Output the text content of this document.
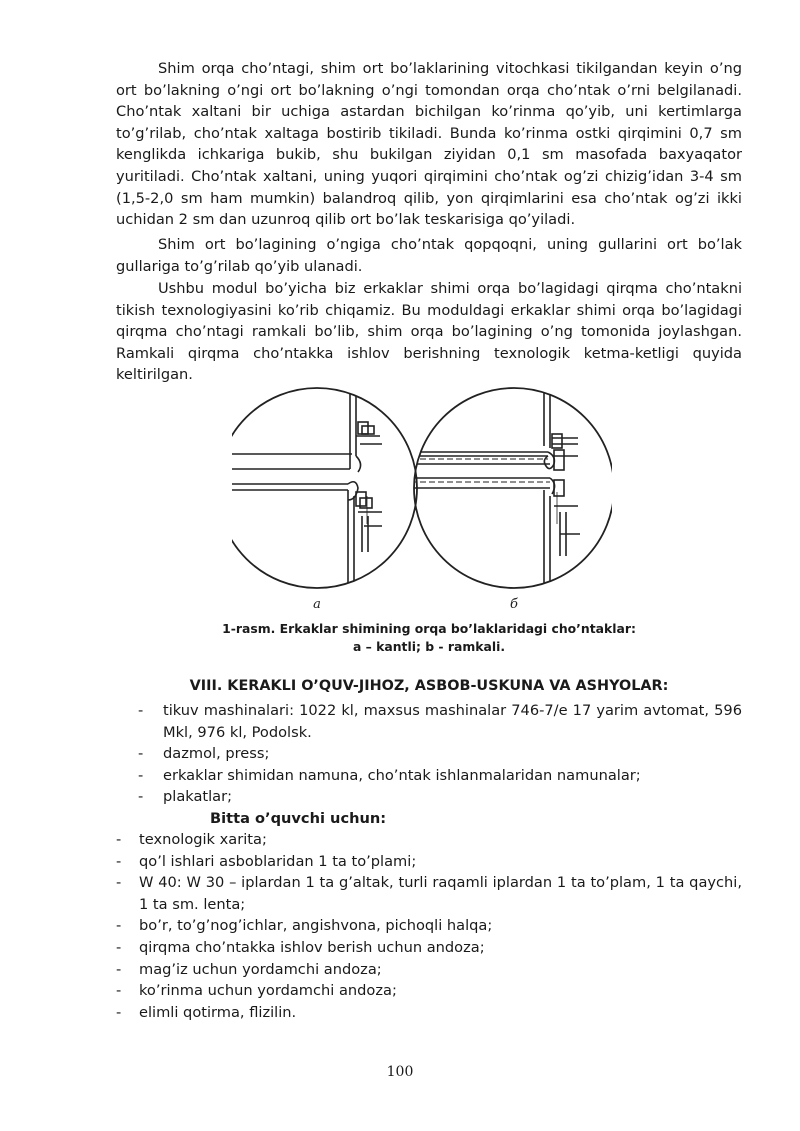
Shim orqa cho’ntagi, shim ort bo’laklarining vitochkasi tikilgandan keyin o’ng ort bo’lakning o’ngi ort bo’lakning o’ngi tomondan orqa cho’ntak o’rni belgilanadi. Cho’ntak xaltani bir uchiga astardan bichilgan ko’rinma qo’yib, uni kertimlarga to’g’rilab, cho’ntak xaltaga bostirib tikiladi. Bunda ko’rinma ostki qirqimini 0,7 sm kenglikda ichkariga bukib, shu bukilgan ziyidan 0,1 sm masofada baxyaqator yuritiladi. Cho’ntak xaltani, uning yuqori qirqimini cho’ntak og’zi chizig’idan 3-4 sm (1,5-2,0 sm ham mumkin) balandroq qilib, yon qirqimlarini esa cho’ntak og’zi ikki uchidan 2 sm dan uzunroq qilib ort bo’lak teskarisiga qo’yiladi.

Shim ort bo’lagining o’ngiga cho’ntak qopqoqni, uning gullarini ort bo’lak gullariga to’g’rilab qo’yib ulanadi.

Ushbu modul bo’yicha biz erkaklar shimi orqa bo’lagidagi qirqma cho’ntakni tikish texnologiyasini ko’rib chiqamiz. Bu moduldagi erkaklar shimi orqa bo’lagidagi qirqma cho’ntagi ramkali bo’lib, shim orqa bo’lagining o’ng tomonida joylashgan. Ramkali qirqma cho’ntakka ishlov berishning texnologik ketma-ketligi quyida keltirilgan.

а	б
1-rasm. Erkaklar shimining orqa bo’laklaridagi cho’ntaklar:
a – kantli; b - ramkali.
VIII. KERAKLI O’QUV-JIHOZ, ASBOB-USKUNA VA ASHYOLAR:
- tikuv mashinalari: 1022 kl, maxsus mashinalar 746-7/e 17 yarim avtomat, 596 Mkl, 976 kl, Podolsk.
- dazmol, press;
- erkaklar shimidan namuna, cho’ntak ishlanmalaridan namunalar;
- plakatlar;
Bitta o’quvchi uchun:
- texnologik xarita;
- qo’l ishlari asboblaridan 1 ta to’plami;
- W 40: W 30 – iplardan 1 ta g’altak, turli raqamli iplardan 1 ta to’plam, 1 ta qaychi, 1 ta sm. lenta;
- bo’r, to’g’nog’ichlar, angishvona, pichoqli halqa;
- qirqma cho’ntakka ishlov berish uchun andoza;
- mag’iz uchun yordamchi andoza;
- ko’rinma uchun yordamchi andoza;
- elimli qotirma, flizilin.
100
